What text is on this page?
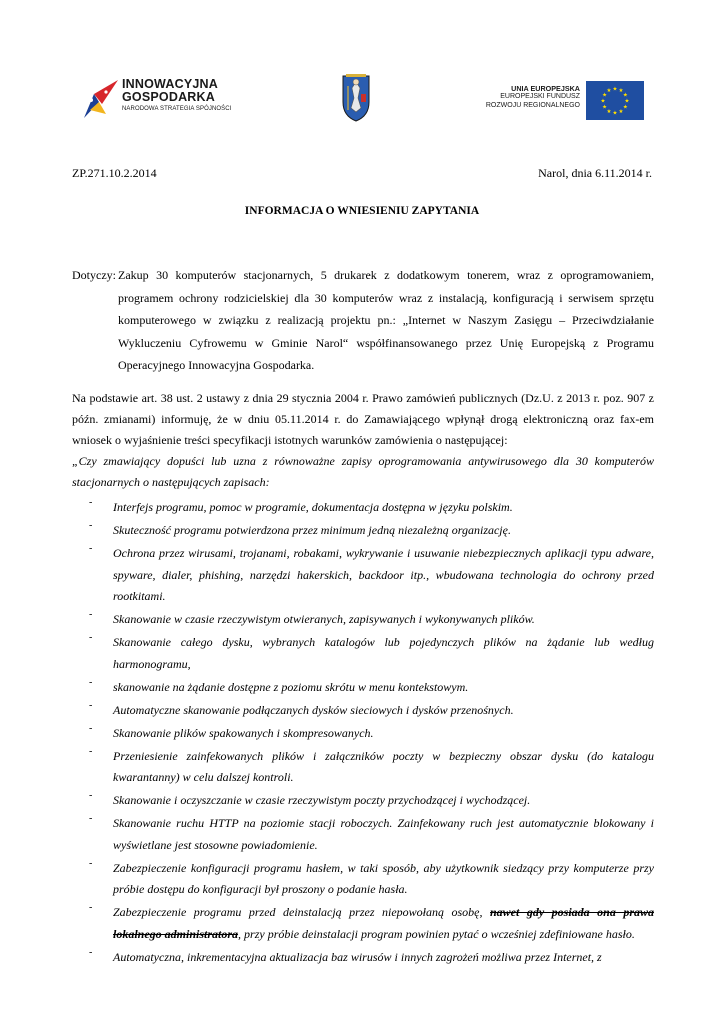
INNOWACYJNA
GOSPODARKA
NARODOWA STRATEGIA SPÓJNOŚCI
UNIA EUROPEJSKA
EUROPEJSKI FUNDUSZ
ROZWOJU REGIONALNEGO	★
★
★
★
★
★
★
★
★ ★ ★
★
ZP.271.10.2.2014	Narol, dnia 6.11.2014 r.
INFORMACJA O WNIESIENIU ZAPYTANIA
Dotyczy: Zakup 30 komputerów stacjonarnych, 5 drukarek z dodatkowym tonerem, wraz z oprogramowaniem, programem ochrony rodzicielskiej dla 30 komputerów wraz z instalacją, konfiguracją i serwisem sprzętu komputerowego w związku z realizacją projektu pn.: „Internet w Naszym Zasięgu – Przeciwdziałanie Wykluczeniu Cyfrowemu w Gminie Narol“ współfinansowanego przez Unię Europejską z Programu Operacyjnego Innowacyjna Gospodarka.

Na podstawie art. 38 ust. 2 ustawy z dnia 29 stycznia 2004 r. Prawo zamówień publicznych (Dz.U. z 2013 r. poz. 907 z późn. zmianami) informuję, że w dniu 05.11.2014 r. do Zamawiającego wpłynął drogą elektroniczną oraz fax-em wniosek o wyjaśnienie treści specyfikacji istotnych warunków zamówienia o następującej:

„Czy zmawiający dopuści lub uzna z równoważne zapisy oprogramowania antywirusowego dla 30 komputerów stacjonarnych o następujących zapisach:

- Interfejs programu, pomoc w programie, dokumentacja dostępna w języku polskim.
- Skuteczność programu potwierdzona przez minimum jedną niezależną organizację.
- Ochrona przez wirusami, trojanami, robakami, wykrywanie i usuwanie niebezpiecznych aplikacji typu adware, spyware, dialer, phishing, narzędzi hakerskich, backdoor itp., wbudowana technologia do ochrony przed rootkitami.
- Skanowanie w czasie rzeczywistym otwieranych, zapisywanych i wykonywanych plików.
- Skanowanie całego dysku, wybranych katalogów lub pojedynczych plików na żądanie lub według harmonogramu,
- skanowanie na żądanie dostępne z poziomu skrótu w menu kontekstowym.
- Automatyczne skanowanie podłączanych dysków sieciowych i dysków przenośnych.
- Skanowanie plików spakowanych i skompresowanych.
- Przeniesienie zainfekowanych plików i załączników poczty w bezpieczny obszar dysku (do katalogu kwarantanny) w celu dalszej kontroli.
- Skanowanie i oczyszczanie w czasie rzeczywistym poczty przychodzącej i wychodzącej.
- Skanowanie ruchu HTTP na poziomie stacji roboczych. Zainfekowany ruch jest automatycznie blokowany i wyświetlane jest stosowne powiadomienie.
- Zabezpieczenie konfiguracji programu hasłem, w taki sposób, aby użytkownik siedzący przy komputerze przy próbie dostępu do konfiguracji był proszony o podanie hasła.
- Zabezpieczenie programu przed deinstalacją przez niepowołaną osobę, nawet gdy posiada ona prawa lokalnego administratora, przy próbie deinstalacji program powinien pytać o wcześniej zdefiniowane hasło.
- Automatyczna, inkrementacyjna aktualizacja baz wirusów i innych zagrożeń możliwa przez Internet, z
